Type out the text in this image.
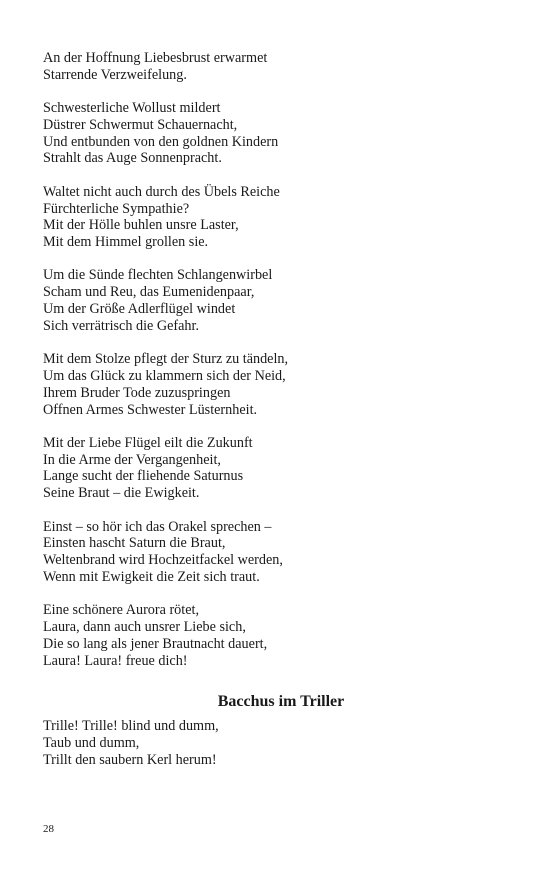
An der Hoffnung Liebesbrust erwarmet
Starrende Verzweifelung.
Schwesterliche Wollust mildert
Düstrer Schwermut Schauernacht,
Und entbunden von den goldnen Kindern
Strahlt das Auge Sonnenpracht.
Waltet nicht auch durch des Übels Reiche
Fürchterliche Sympathie?
Mit der Hölle buhlen unsre Laster,
Mit dem Himmel grollen sie.
Um die Sünde flechten Schlangenwirbel
Scham und Reu, das Eumenidenpaar,
Um der Größe Adlerflügel windet
Sich verrätrisch die Gefahr.
Mit dem Stolze pflegt der Sturz zu tändeln,
Um das Glück zu klammern sich der Neid,
Ihrem Bruder Tode zuzuspringen
Offnen Armes Schwester Lüsternheit.
Mit der Liebe Flügel eilt die Zukunft
In die Arme der Vergangenheit,
Lange sucht der fliehende Saturnus
Seine Braut – die Ewigkeit.
Einst – so hör ich das Orakel sprechen –
Einsten hascht Saturn die Braut,
Weltenbrand wird Hochzeitfackel werden,
Wenn mit Ewigkeit die Zeit sich traut.
Eine schönere Aurora rötet,
Laura, dann auch unsrer Liebe sich,
Die so lang als jener Brautnacht dauert,
Laura! Laura! freue dich!
Bacchus im Triller
Trille! Trille! blind und dumm,
Taub und dumm,
Trillt den saubern Kerl herum!
28
